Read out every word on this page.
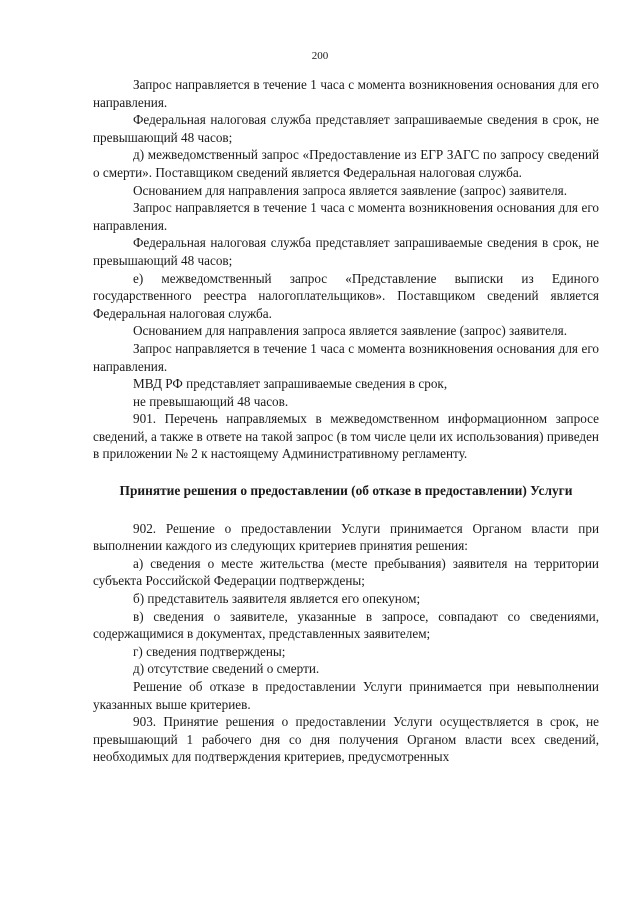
200

Запрос направляется в течение 1 часа с момента возникновения основания для его направления.

Федеральная налоговая служба представляет запрашиваемые сведения в срок, не превышающий 48 часов;

д) межведомственный запрос «Предоставление из ЕГР ЗАГС по запросу сведений о смерти». Поставщиком сведений является Федеральная налоговая служба.

Основанием для направления запроса является заявление (запрос) заявителя.

Запрос направляется в течение 1 часа с момента возникновения основания для его направления.

Федеральная налоговая служба представляет запрашиваемые сведения в срок, не превышающий 48 часов;

е) межведомственный запрос «Представление выписки из Единого государственного реестра налогоплательщиков». Поставщиком сведений является Федеральная налоговая служба.

Основанием для направления запроса является заявление (запрос) заявителя.

Запрос направляется в течение 1 часа с момента возникновения основания для его направления.

МВД РФ представляет запрашиваемые сведения в срок,

не превышающий 48 часов.

901. Перечень направляемых в межведомственном информационном запросе сведений, а также в ответе на такой запрос (в том числе цели их использования) приведен в приложении № 2 к настоящему Административному регламенту.

Принятие решения о предоставлении (об отказе в предоставлении) Услуги

902. Решение о предоставлении Услуги принимается Органом власти при выполнении каждого из следующих критериев принятия решения:

а) сведения о месте жительства (месте пребывания) заявителя на территории субъекта Российской Федерации подтверждены;

б) представитель заявителя является его опекуном;

в) сведения о заявителе, указанные в запросе, совпадают со сведениями, содержащимися в документах, представленных заявителем;

г) сведения подтверждены;

д) отсутствие сведений о смерти.

Решение об отказе в предоставлении Услуги принимается при невыполнении указанных выше критериев.

903. Принятие решения о предоставлении Услуги осуществляется в срок, не превышающий 1 рабочего дня со дня получения Органом власти всех сведений, необходимых для подтверждения критериев, предусмотренных
